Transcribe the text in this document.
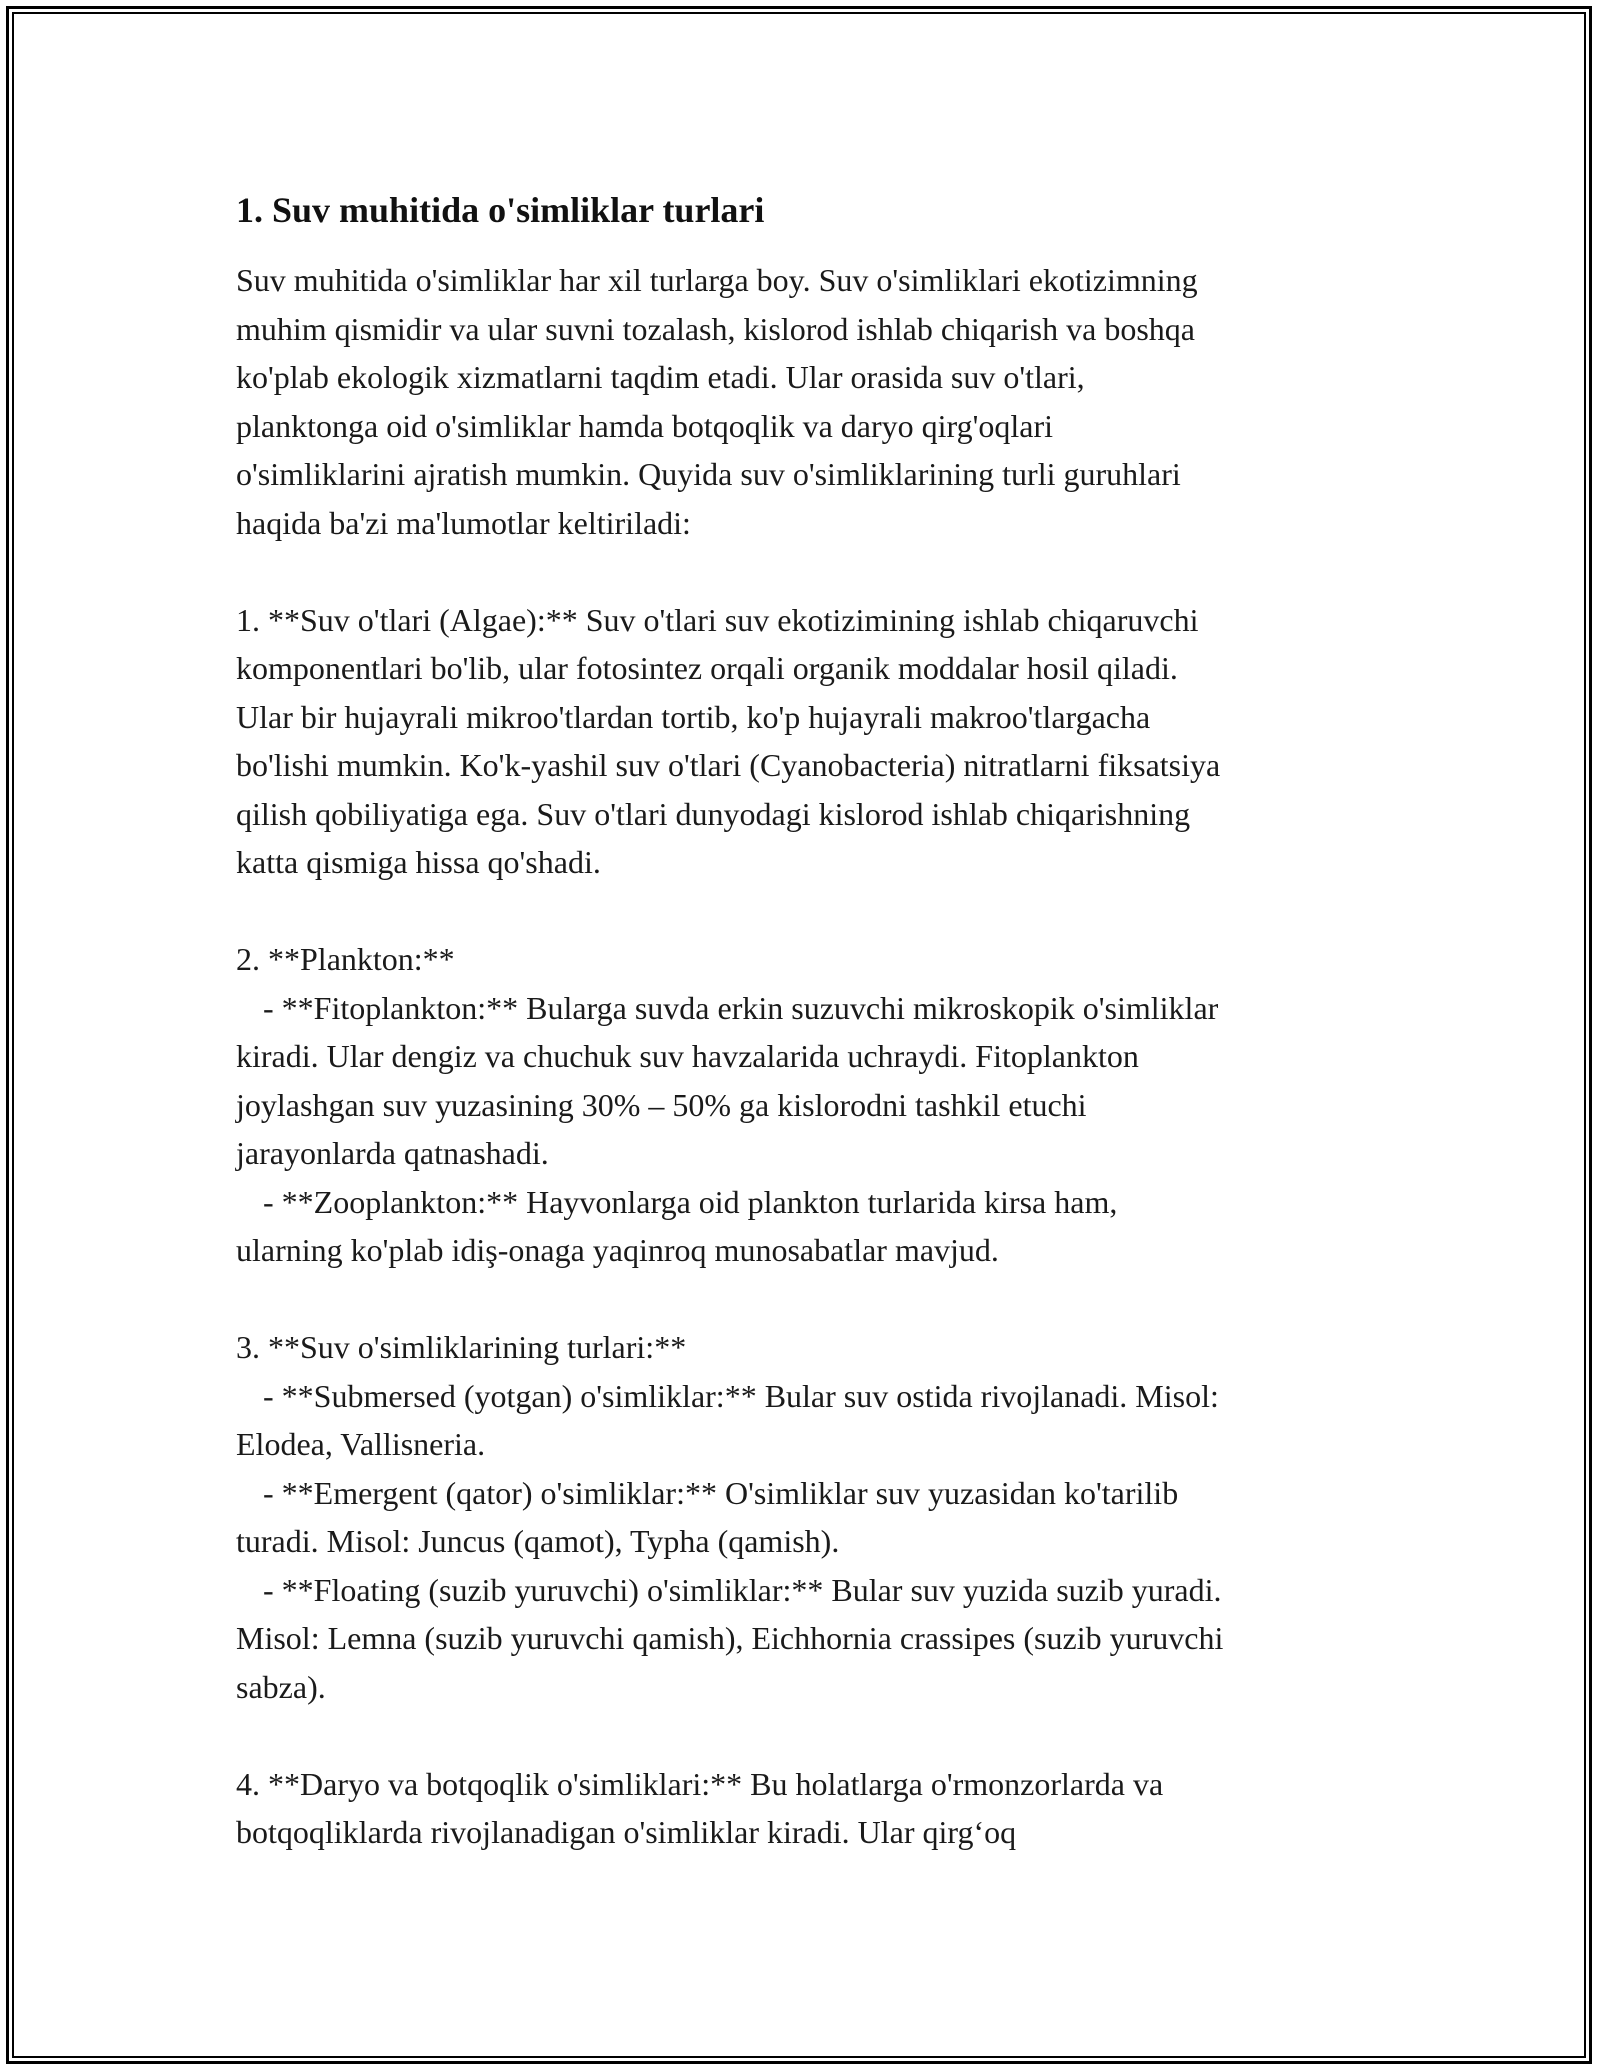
1. Suv muhitida o'simliklar turlari
Suv muhitida o'simliklar har xil turlarga boy. Suv o'simliklari ekotizimning
muhim qismidir va ular suvni tozalash, kislorod ishlab chiqarish va boshqa
ko'plab ekologik xizmatlarni taqdim etadi. Ular orasida suv o'tlari,
planktonga oid o'simliklar hamda botqoqlik va daryo qirg'oqlari
o'simliklarini ajratish mumkin. Quyida suv o'simliklarining turli guruhlari
haqida ba'zi ma'lumotlar keltiriladi:
1. **Suv o'tlari (Algae):** Suv o'tlari suv ekotizimining ishlab chiqaruvchi
komponentlari bo'lib, ular fotosintez orqali organik moddalar hosil qiladi.
Ular bir hujayrali mikroo'tlardan tortib, ko'p hujayrali makroo'tlargacha
bo'lishi mumkin. Ko'k-yashil suv o'tlari (Cyanobacteria) nitratlarni fiksatsiya
qilish qobiliyatiga ega. Suv o'tlari dunyodagi kislorod ishlab chiqarishning
katta qismiga hissa qo'shadi.
2. **Plankton:**
- **Fitoplankton:** Bularga suvda erkin suzuvchi mikroskopik o'simliklar
kiradi. Ular dengiz va chuchuk suv havzalarida uchraydi. Fitoplankton
joylashgan suv yuzasining 30% – 50% ga kislorodni tashkil etuchi
jarayonlarda qatnashadi.
- **Zooplankton:** Hayvonlarga oid plankton turlarida kirsa ham,
ularning ko'plab idiş-onaga yaqinroq munosabatlar mavjud.
3. **Suv o'simliklarining turlari:**
- **Submersed (yotgan) o'simliklar:** Bular suv ostida rivojlanadi. Misol:
Elodea, Vallisneria.
- **Emergent (qator) o'simliklar:** O'simliklar suv yuzasidan ko'tarilib
turadi. Misol: Juncus (qamot), Typha (qamish).
- **Floating (suzib yuruvchi) o'simliklar:** Bular suv yuzida suzib yuradi.
Misol: Lemna (suzib yuruvchi qamish), Eichhornia crassipes (suzib yuruvchi
sabza).
4. **Daryo va botqoqlik o'simliklari:** Bu holatlarga o'rmonzorlarda va
botqoqliklarda rivojlanadigan o'simliklar kiradi. Ular qirg‘oq
